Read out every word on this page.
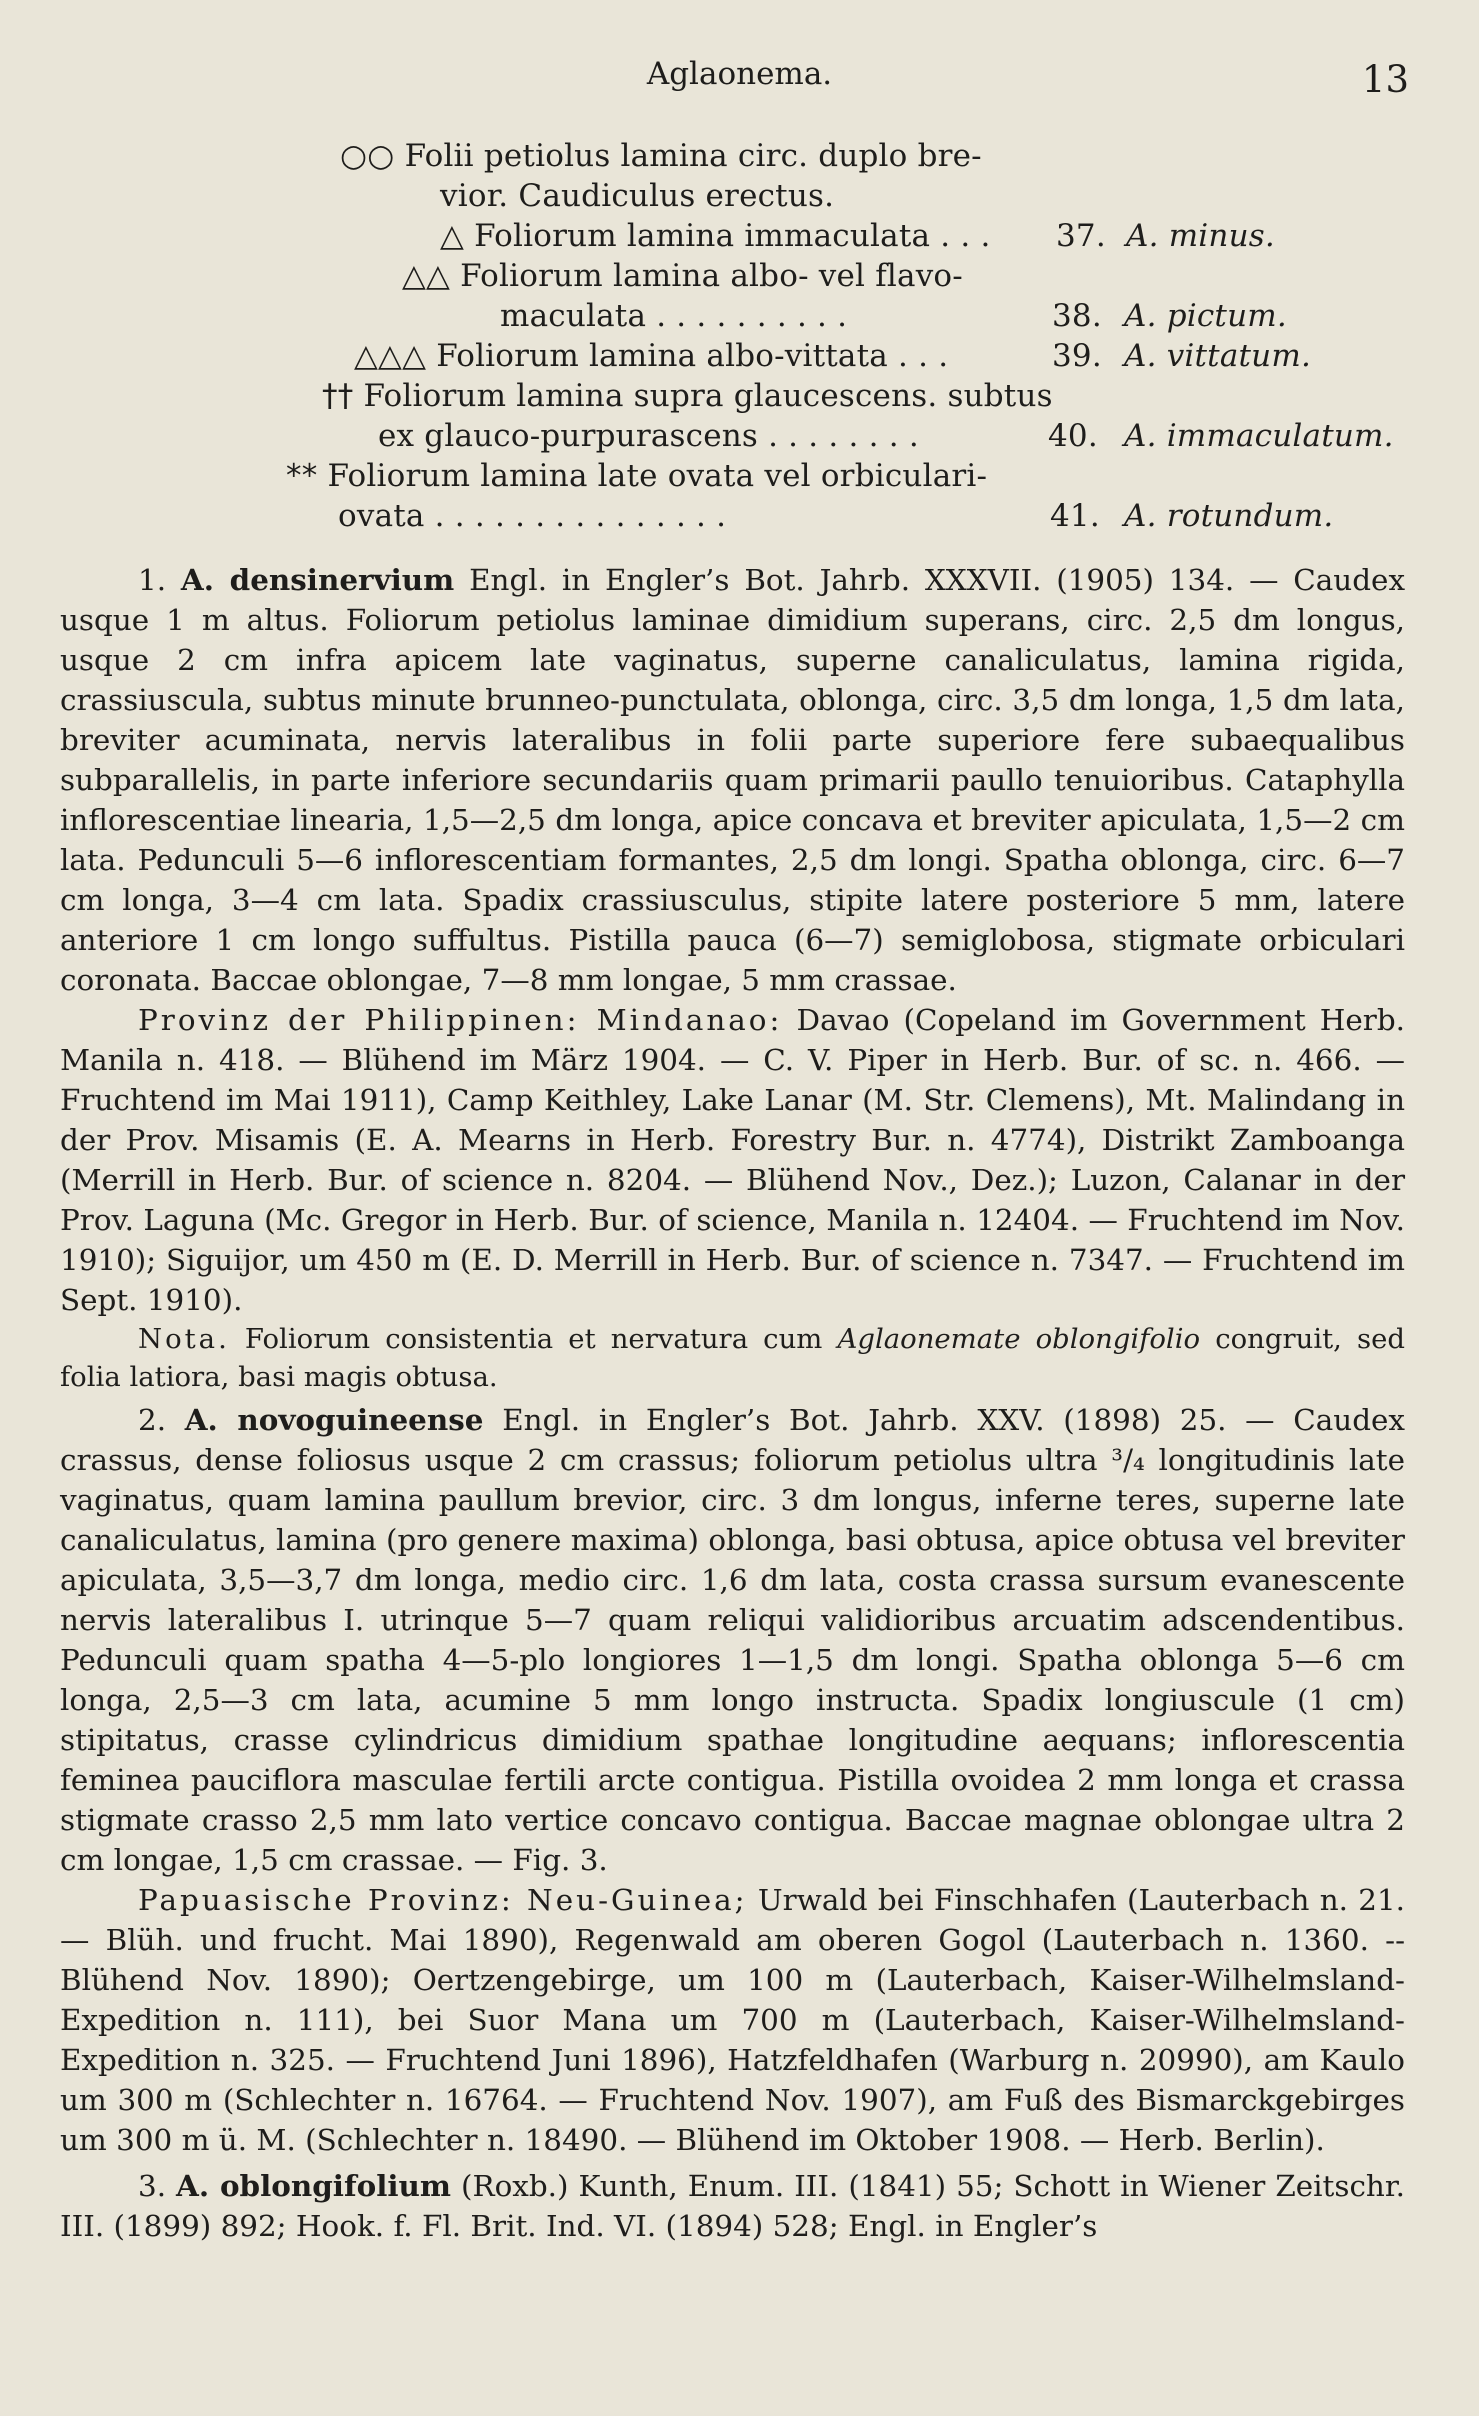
Aglaonema.	13
○○ Folii petiolus lamina circ. duplo bre-
vior. Caudiculus erectus.
△ Foliorum lamina immaculata . . . 37. A. minus.
△△ Foliorum lamina albo- vel flavo-
maculata . . . . . . . . . .	38. A. pictum.
△△△ Foliorum lamina albo-vittata . . .	39. A. vittatum.
†† Foliorum lamina supra glaucescens. subtus
ex glauco-purpurascens . . . . . . . .	40. A. immaculatum.
** Foliorum lamina late ovata vel orbiculari-
ovata . . . . . . . . . . . . . . .	41. A. rotundum.

1. A. densinervium Engl. in Engler’s Bot. Jahrb. XXXVII. (1905) 134. — Caudex usque 1 m altus. Foliorum petiolus laminae dimidium superans, circ. 2,5 dm longus, usque 2 cm infra apicem late vaginatus, superne canaliculatus, lamina rigida, crassiuscula, subtus minute brunneo-punctulata, oblonga, circ. 3,5 dm longa, 1,5 dm lata, breviter acuminata, nervis lateralibus in folii parte superiore fere subaequalibus subparallelis, in parte inferiore secundariis quam primarii paullo tenuioribus. Cataphylla inflorescentiae linearia, 1,5—2,5 dm longa, apice concava et breviter apiculata, 1,5—2 cm lata. Pedunculi 5—6 inflorescentiam formantes, 2,5 dm longi. Spatha oblonga, circ. 6—7 cm longa, 3—4 cm lata. Spadix crassiusculus, stipite latere posteriore 5 mm, latere anteriore 1 cm longo suffultus. Pistilla pauca (6—7) semiglobosa, stigmate orbiculari coronata. Baccae oblongae, 7—8 mm longae, 5 mm crassae.

Provinz der Philippinen: Mindanao: Davao (Copeland im Government Herb. Manila n. 418. — Blühend im März 1904. — C. V. Piper in Herb. Bur. of sc. n. 466. — Fruchtend im Mai 1911), Camp Keithley, Lake Lanar (M. Str. Clemens), Mt. Malindang in der Prov. Misamis (E. A. Mearns in Herb. Forestry Bur. n. 4774), Distrikt Zamboanga (Merrill in Herb. Bur. of science n. 8204. — Blühend Nov., Dez.); Luzon, Calanar in der Prov. Laguna (Mc. Gregor in Herb. Bur. of science, Manila n. 12404. — Fruchtend im Nov. 1910); Siguijor, um 450 m (E. D. Merrill in Herb. Bur. of science n. 7347. — Fruchtend im Sept. 1910).

Nota. Foliorum consistentia et nervatura cum Aglaonemate oblongifolio congruit, sed folia latiora, basi magis obtusa.

2. A. novoguineense Engl. in Engler’s Bot. Jahrb. XXV. (1898) 25. — Caudex crassus, dense foliosus usque 2 cm crassus; foliorum petiolus ultra ³/₄ longitudinis late vaginatus, quam lamina paullum brevior, circ. 3 dm longus, inferne teres, superne late canaliculatus, lamina (pro genere maxima) oblonga, basi obtusa, apice obtusa vel breviter apiculata, 3,5—3,7 dm longa, medio circ. 1,6 dm lata, costa crassa sursum evanescente nervis lateralibus I. utrinque 5—7 quam reliqui validioribus arcuatim adscendentibus. Pedunculi quam spatha 4—5-plo longiores 1—1,5 dm longi. Spatha oblonga 5—6 cm longa, 2,5—3 cm lata, acumine 5 mm longo instructa. Spadix longiuscule (1 cm) stipitatus, crasse cylindricus dimidium spathae longitudine aequans; inflorescentia feminea pauciflora masculae fertili arcte contigua. Pistilla ovoidea 2 mm longa et crassa stigmate crasso 2,5 mm lato vertice concavo contigua. Baccae magnae oblongae ultra 2 cm longae, 1,5 cm crassae. — Fig. 3.

Papuasische Provinz: Neu-Guinea; Urwald bei Finschhafen (Lauterbach n. 21. — Blüh. und frucht. Mai 1890), Regenwald am oberen Gogol (Lauterbach n. 1360. -- Blühend Nov. 1890); Oertzengebirge, um 100 m (Lauterbach, Kaiser-Wilhelmsland-Expedition n. 111), bei Suor Mana um 700 m (Lauterbach, Kaiser-Wilhelmsland-Expedition n. 325. — Fruchtend Juni 1896), Hatzfeldhafen (Warburg n. 20990), am Kaulo um 300 m (Schlechter n. 16764. — Fruchtend Nov. 1907), am Fuß des Bismarckgebirges um 300 m ü. M. (Schlechter n. 18490. — Blühend im Oktober 1908. — Herb. Berlin).

3. A. oblongifolium (Roxb.) Kunth, Enum. III. (1841) 55; Schott in Wiener Zeitschr. III. (1899) 892; Hook. f. Fl. Brit. Ind. VI. (1894) 528; Engl. in Engler’s
